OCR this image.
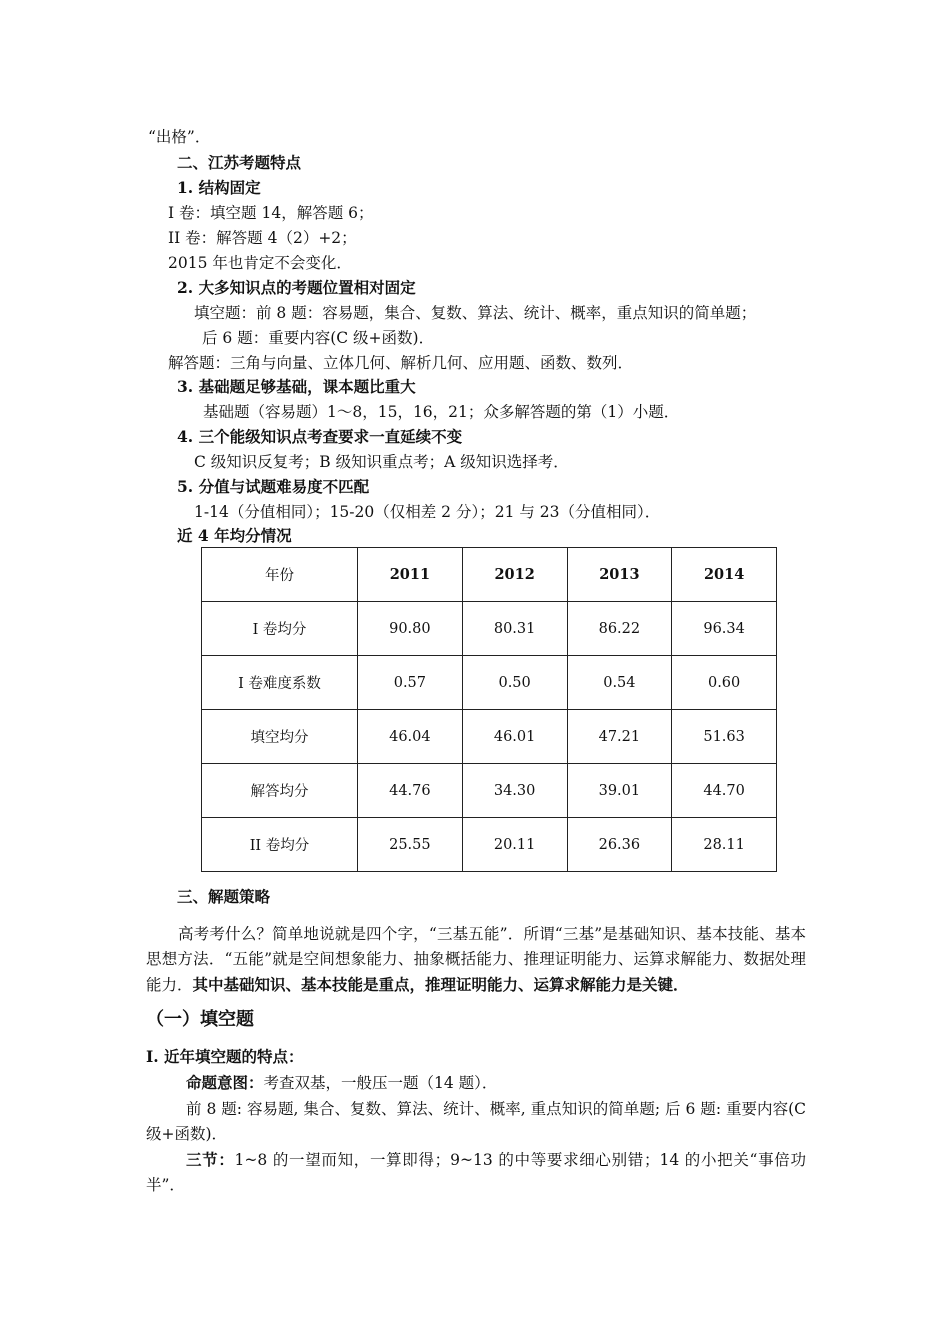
“出格”．
二、江苏考题特点
1. 结构固定
I 卷：填空题 14，解答题 6；
II 卷：解答题 4（2）+2；
2015 年也肯定不会变化．
2. 大多知识点的考题位置相对固定
填空题：前 8 题：容易题，集合、复数、算法、统计、概率，重点知识的简单题；
后 6 题：重要内容(C 级+函数)．
解答题：三角与向量、立体几何、解析几何、应用题、函数、数列．
3. 基础题足够基础，课本题比重大
基础题（容易题）1～8，15，16，21；众多解答题的第（1）小题．
4. 三个能级知识点考查要求一直延续不变
C 级知识反复考；B 级知识重点考；A 级知识选择考．
5. 分值与试题难易度不匹配
1-14（分值相同）；15-20（仅相差 2 分）；21 与 23（分值相同）．
近 4 年均分情况
年份	2011	2012	2013	2014
I 卷均分	90.80	80.31	86.22	96.34
I 卷难度系数	0.57	0.50	0.54	0.60
填空均分	46.04	46.01	47.21	51.63
解答均分	44.76	34.30	39.01	44.70
II 卷均分	25.55	20.11	26.36	28.11
三、解题策略
高考考什么？简单地说就是四个字，“三基五能”．所谓“三基”是基础知识、基本技能、基本思想方法．“五能”就是空间想象能力、抽象概括能力、推理证明能力、运算求解能力、数据处理能力．其中基础知识、基本技能是重点，推理证明能力、运算求解能力是关键．
（一）填空题
Ⅰ. 近年填空题的特点：
命题意图：考查双基，一般压一题（14 题）．
前 8 题: 容易题, 集合、复数、算法、统计、概率, 重点知识的简单题; 后 6 题: 重要内容(C 级+函数)．
三节：1~8 的一望而知，一算即得；9~13 的中等要求细心别错；14 的小把关“事倍功半”．
